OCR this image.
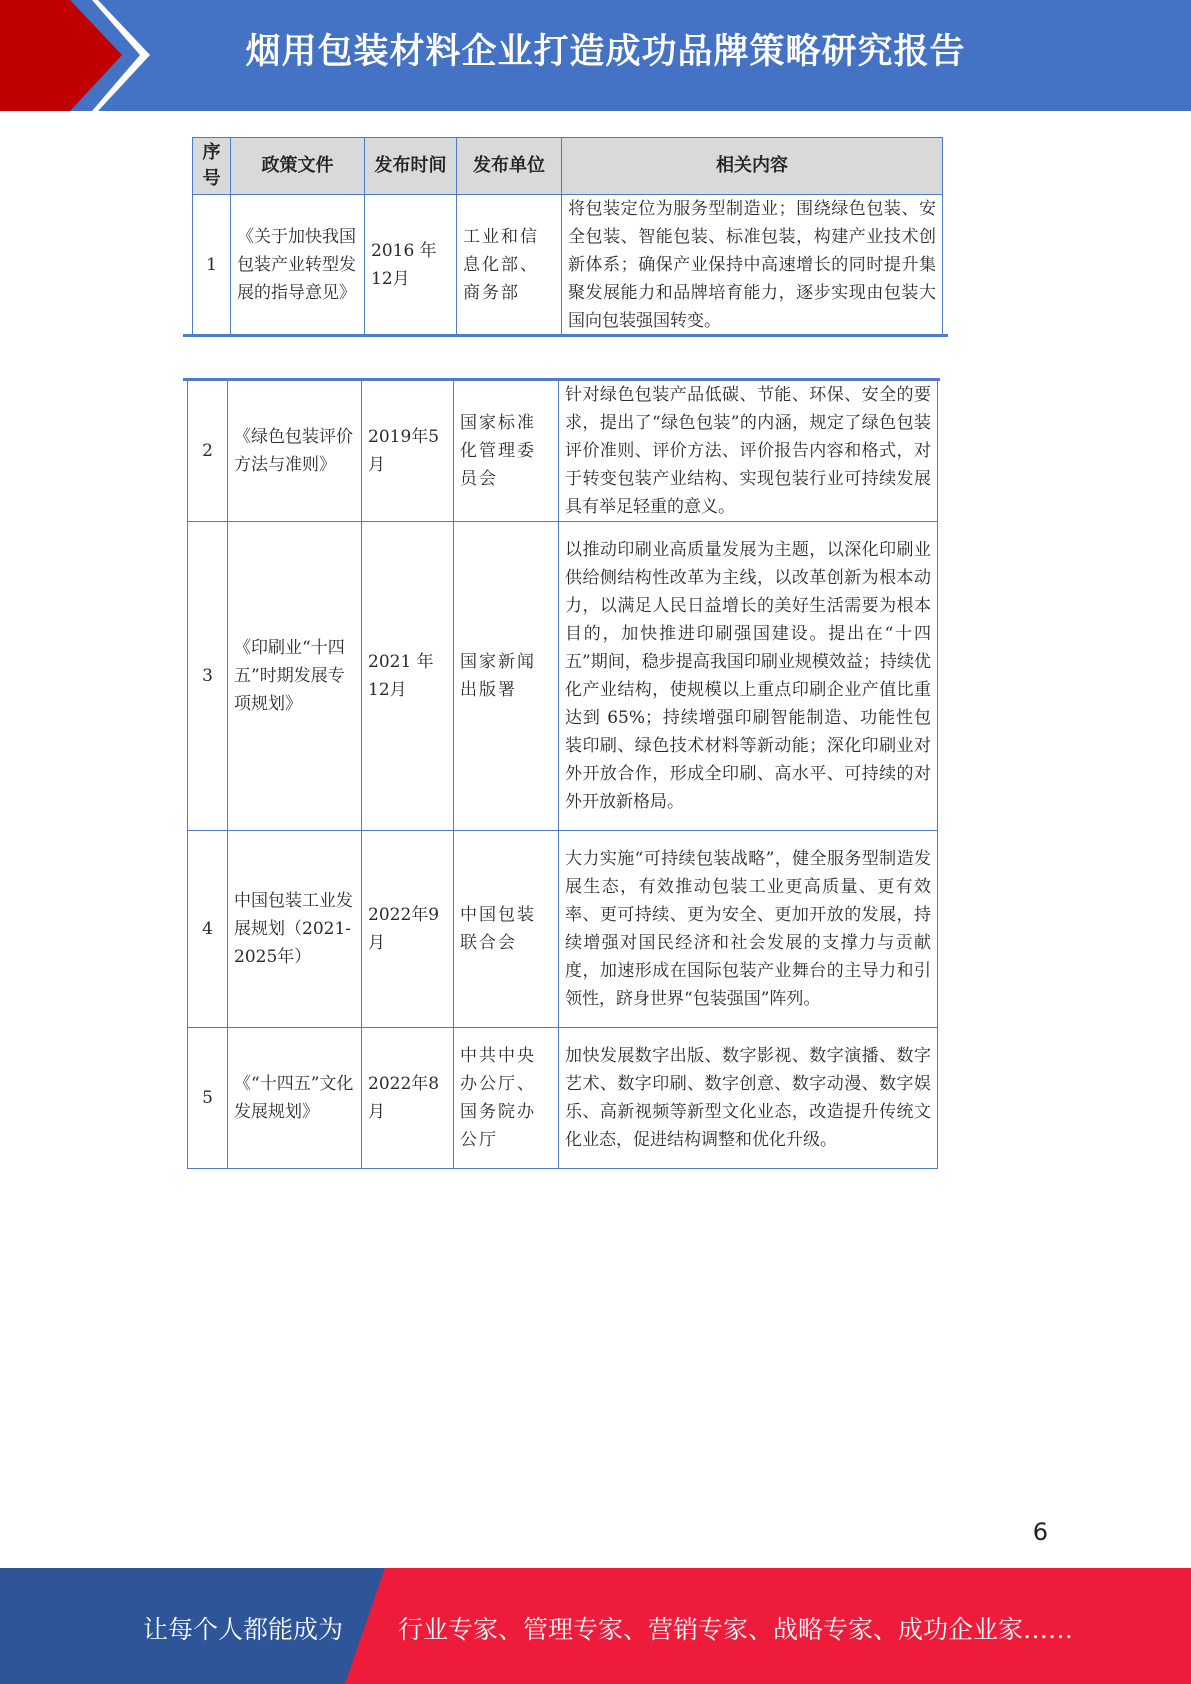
烟用包装材料企业打造成功品牌策略研究报告
序号	政策文件	发布时间	发布单位	相关内容
1	《关于加快我国包装产业转型发展的指导意见》	2016 年 12月	工业和信息化部、商务部	将包装定位为服务型制造业；围绕绿色包装、安全包装、智能包装、标准包装，构建产业技术创新体系；确保产业保持中高速增长的同时提升集聚发展能力和品牌培育能力，逐步实现由包装大国向包装强国转变。
2	《绿色包装评价方法与准则》	2019年5月	国家标准化管理委员会	针对绿色包装产品低碳、节能、环保、安全的要求，提出了“绿色包装”的内涵，规定了绿色包装评价准则、评价方法、评价报告内容和格式，对于转变包装产业结构、实现包装行业可持续发展具有举足轻重的意义。
3	《印刷业“十四五”时期发展专项规划》	2021 年 12月	国家新闻出版署	以推动印刷业高质量发展为主题，以深化印刷业供给侧结构性改革为主线，以改革创新为根本动力，以满足人民日益增长的美好生活需要为根本目的，加快推进印刷强国建设。提出在“十四五”期间，稳步提高我国印刷业规模效益；持续优化产业结构，使规模以上重点印刷企业产值比重达到 65%；持续增强印刷智能制造、功能性包装印刷、绿色技术材料等新动能；深化印刷业对外开放合作，形成全印刷、高水平、可持续的对外开放新格局。
4	中国包装工业发展规划（2021-2025年）	2022年9月	中国包装联合会	大力实施“可持续包装战略”，健全服务型制造发展生态，有效推动包装工业更高质量、更有效率、更可持续、更为安全、更加开放的发展，持续增强对国民经济和社会发展的支撑力与贡献度，加速形成在国际包装产业舞台的主导力和引领性，跻身世界“包装强国”阵列。
5	《“十四五”文化发展规划》	2022年8月	中共中央办公厅、国务院办公厅	加快发展数字出版、数字影视、数字演播、数字艺术、数字印刷、数字创意、数字动漫、数字娱乐、高新视频等新型文化业态，改造提升传统文化业态，促进结构调整和优化升级。
6
让每个人都能成为 行业专家、管理专家、营销专家、战略专家、成功企业家……
